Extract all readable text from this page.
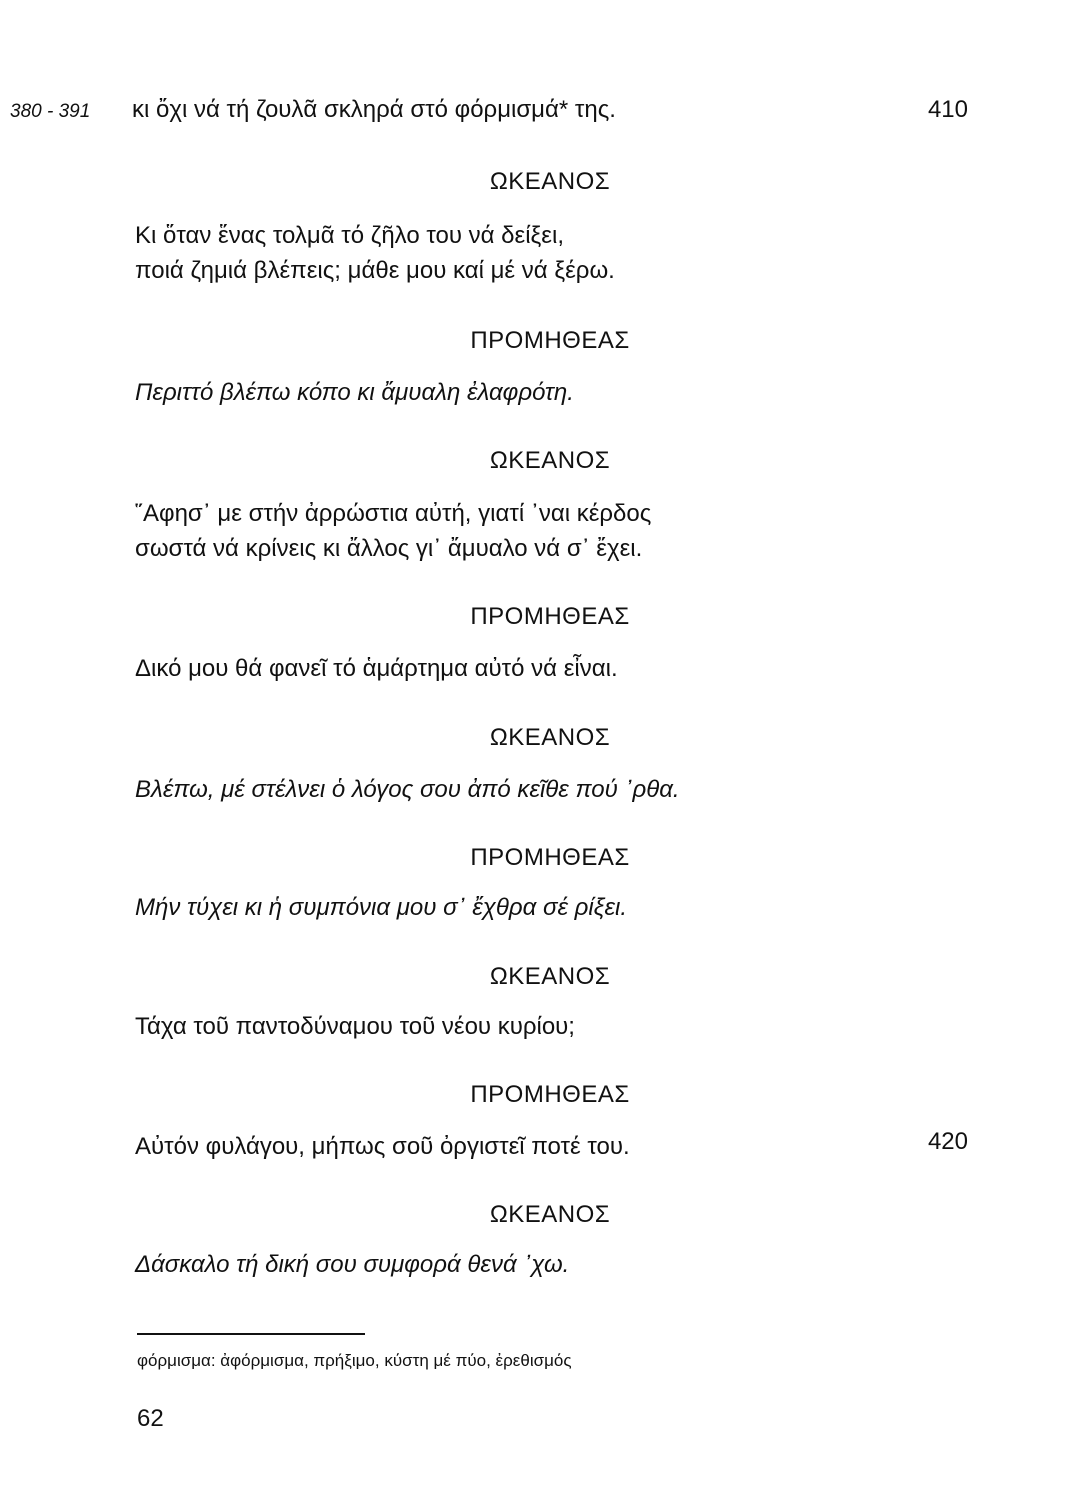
380 - 391 κι ὄχι νά τή ζουλᾶ σκληρά στό φόρμισμά* της.	410
ΩΚΕΑΝΟΣ
Κι ὅταν ἕνας τολμᾶ τό ζῆλο του νά δείξει,
ποιά ζημιά βλέπεις; μάθε μου καί μέ νά ξέρω.
ΠΡΟΜΗΘΕΑΣ
Περιττό βλέπω κόπο κι ἄμυαλη ἐλαφρότη.
ΩΚΕΑΝΟΣ
῞Αφησ᾽ με στήν ἀρρώστια αὐτή, γιατί ᾽ναι κέρδος
σωστά νά κρίνεις κι ἄλλος γι᾽ ἄμυαλο νά σ᾽ ἔχει.
ΠΡΟΜΗΘΕΑΣ
Δικό μου θά φανεῖ τό ἁμάρτημα αὐτό νά εἶναι.
ΩΚΕΑΝΟΣ
Βλέπω, μέ στέλνει ὁ λόγος σου ἀπό κεῖθε πού ᾽ρθα.
ΠΡΟΜΗΘΕΑΣ
Μήν τύχει κι ἡ συμπόνια μου σ᾽ ἔχθρα σέ ρίξει.
ΩΚΕΑΝΟΣ
Τάχα τοῦ παντοδύναμου τοῦ νέου κυρίου;
ΠΡΟΜΗΘΕΑΣ
Αὐτόν φυλάγου, μήπως σοῦ ὀργιστεῖ ποτέ του.	420
ΩΚΕΑΝΟΣ
Δάσκαλο τή δική σου συμφορά θενά ᾽χω.
φόρμισμα: ἀφόρμισμα, πρήξιμο, κύστη μέ πύο, ἐρεθισμός
62
